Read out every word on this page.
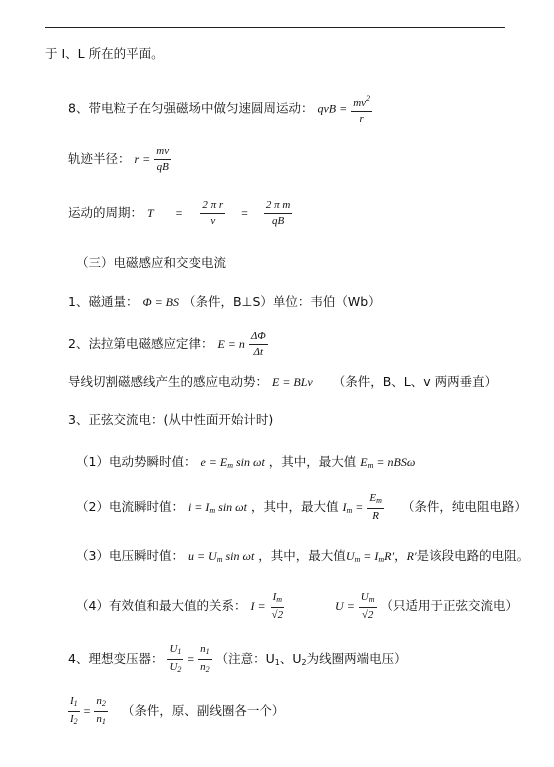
于 I、L 所在的平面。
8、带电粒子在匀强磁场中做匀速圆周运动： qvB = $\frac{mv^2}{r}$
轨迹半径： $r = \frac{mv}{qB}$
运动的周期： $T = \frac{\text{2 π r}}{v} = \frac{\text{2 π m}}{qB}$
（三）电磁感应和交变电流
1、磁通量： Φ = BS （条件，B⊥S）单位：韦伯（Wb）
2、法拉第电磁感应定律： E = n $\frac{\Delta\Phi}{\Delta t}$
导线切割磁感线产生的感应电动势： E = BLv （条件，B、L、v 两两垂直）
3、正弦交流电：(从中性面开始计时)
（1）电动势瞬时值： $e = E_m$ sin ωt ，其中，最大值 $E_m = nBS\omega$
（2）电流瞬时值： $i = I_m$ sin ωt ，其中，最大值 $I_m = \frac{E_m}{R}$ （条件，纯电阻电路）
（3）电压瞬时值： $u = U_m$ sin ωt ，其中，最大值$U_m = I_mR'$，R′是该段电路的电阻。
（4）有效值和最大值的关系： $I = \frac{I_m}{√2}$	$U = \frac{U_m}{√2}$ （只适用于正弦交流电）
4、理想变压器： $\frac{U_1}{U_2} = \frac{n_1}{n_2}$ （注意：$U_1$、$U_2$为线圈两端电压）
$\frac{I_1}{I_2} = \frac{n_2}{n_1}$ （条件，原、副线圈各一个）
